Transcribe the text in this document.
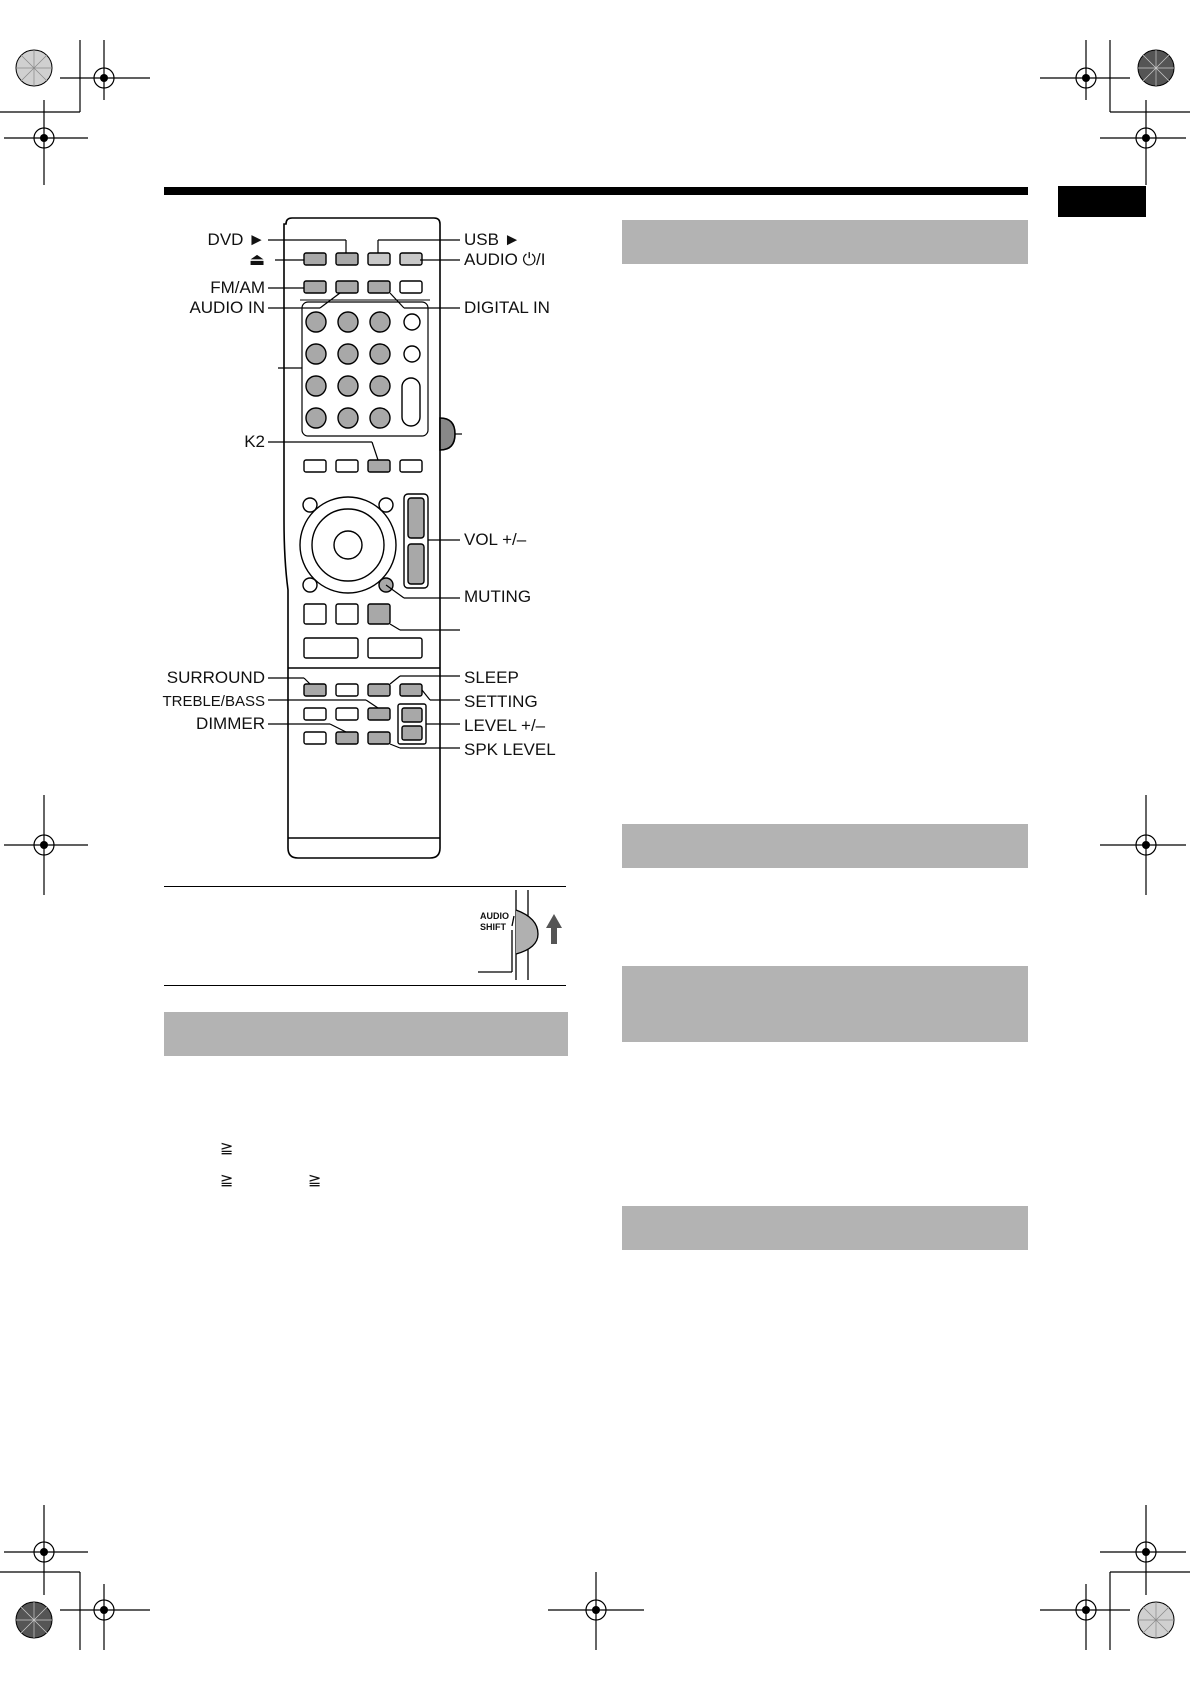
DVD ►
⏏
FM/AM
AUDIO IN
K2
SURROUND
TREBLE/BASS
DIMMER
USB ►
AUDIO ⏻/I
DIGITAL IN
VOL +/–
MUTING
SLEEP
SETTING
LEVEL +/–
SPK LEVEL
AUDIO
SHIFT
≧
≧	≧
